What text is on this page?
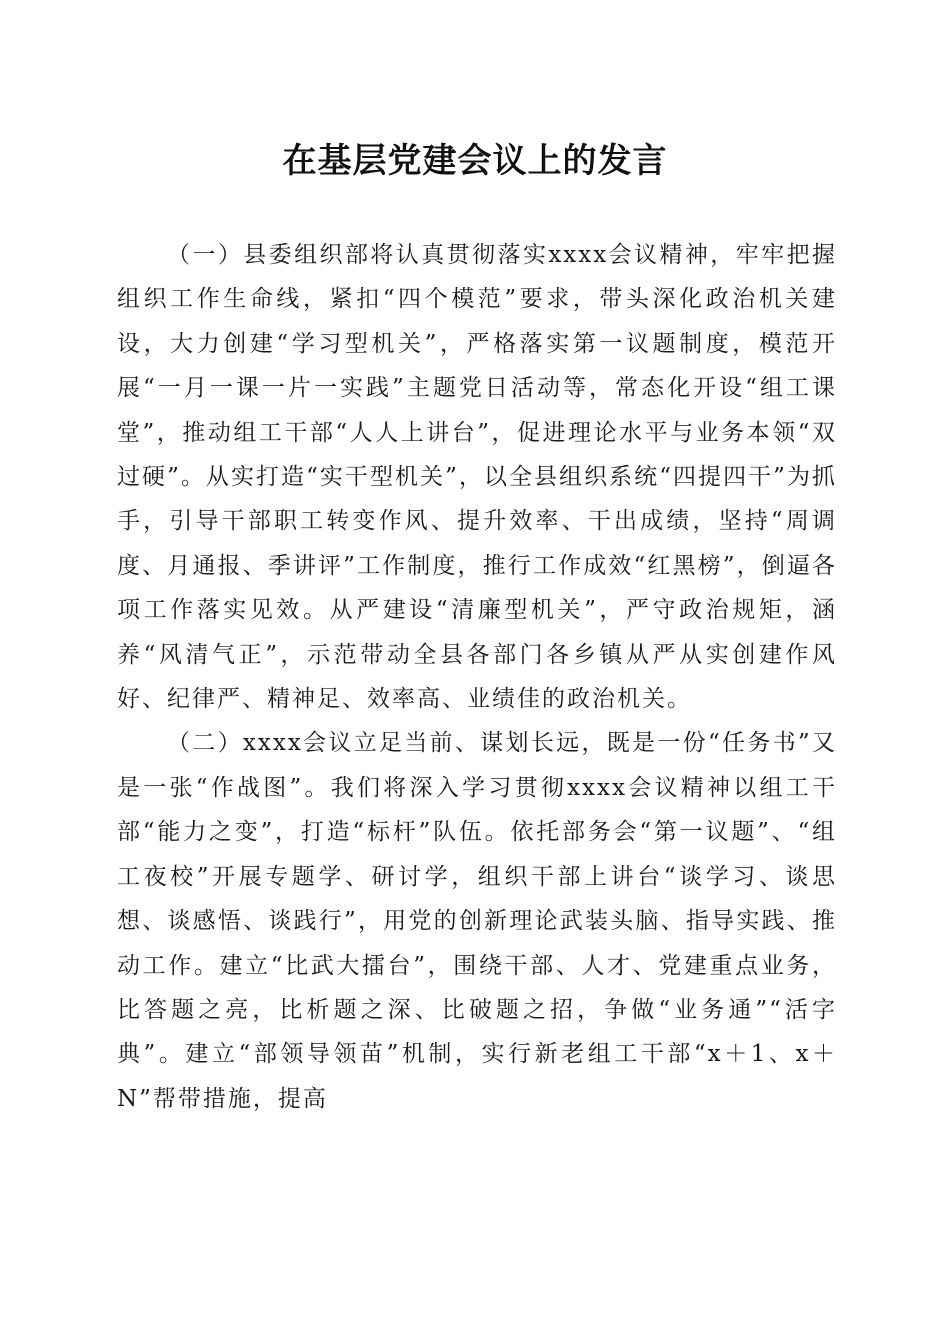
在基层党建会议上的发言

（一）县委组织部将认真贯彻落实xxxx会议精神，牢牢把握组织工作生命线，紧扣“四个模范”要求，带头深化政治机关建设，大力创建“学习型机关”，严格落实第一议题制度，模范开展“一月一课一片一实践”主题党日活动等，常态化开设“组工课堂”，推动组工干部“人人上讲台”，促进理论水平与业务本领“双过硬”。从实打造“实干型机关”，以全县组织系统“四提四干”为抓手，引导干部职工转变作风、提升效率、干出成绩，坚持“周调度、月通报、季讲评”工作制度，推行工作成效“红黑榜”，倒逼各项工作落实见效。从严建设“清廉型机关”，严守政治规矩，涵养“风清气正”，示范带动全县各部门各乡镇从严从实创建作风好、纪律严、精神足、效率高、业绩佳的政治机关。

（二）xxxx会议立足当前、谋划长远，既是一份“任务书”又是一张“作战图”。我们将深入学习贯彻xxxx会议精神以组工干部“能力之变”，打造“标杆”队伍。依托部务会“第一议题”、“组工夜校”开展专题学、研讨学，组织干部上讲台“谈学习、谈思想、谈感悟、谈践行”，用党的创新理论武装头脑、指导实践、推动工作。建立“比武大擂台”，围绕干部、人才、党建重点业务，比答题之亮，比析题之深、比破题之招，争做“业务通”“活字典”。建立“部领导领苗”机制，实行新老组工干部“x＋1、x＋N”帮带措施，提高
